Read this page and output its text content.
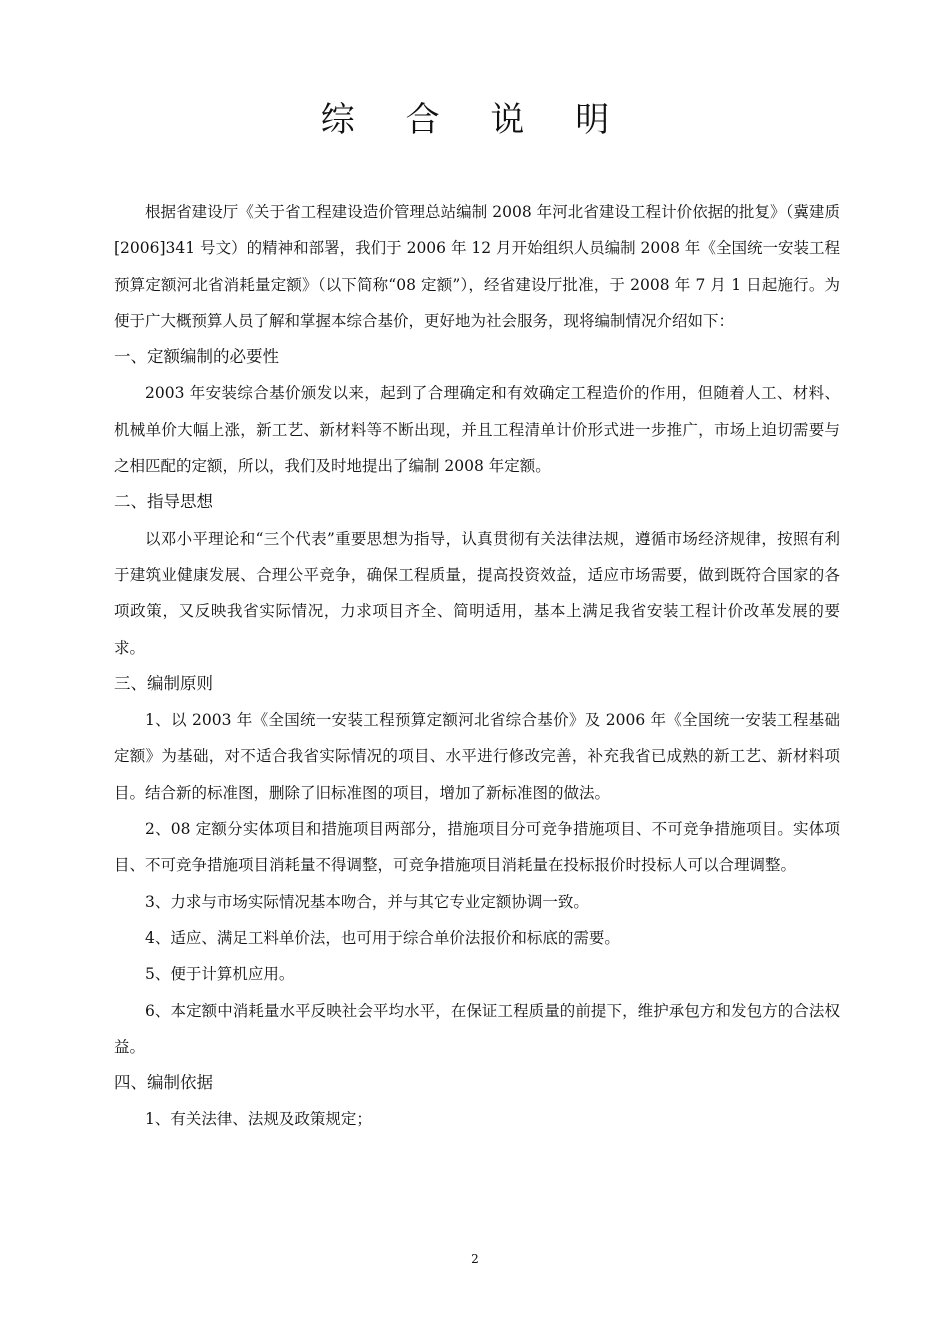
综 合 说 明

根据省建设厅《关于省工程建设造价管理总站编制 2008 年河北省建设工程计价依据的批复》（冀建质[2006]341 号文）的精神和部署，我们于 2006 年 12 月开始组织人员编制 2008 年《全国统一安装工程预算定额河北省消耗量定额》（以下简称“08 定额”），经省建设厅批准，于 2008 年 7 月 1 日起施行。为便于广大概预算人员了解和掌握本综合基价，更好地为社会服务，现将编制情况介绍如下：

一、定额编制的必要性

2003 年安装综合基价颁发以来，起到了合理确定和有效确定工程造价的作用，但随着人工、材料、机械单价大幅上涨，新工艺、新材料等不断出现，并且工程清单计价形式进一步推广，市场上迫切需要与之相匹配的定额，所以，我们及时地提出了编制 2008 年定额。

二、指导思想

以邓小平理论和“三个代表”重要思想为指导，认真贯彻有关法律法规，遵循市场经济规律，按照有利于建筑业健康发展、合理公平竞争，确保工程质量，提高投资效益，适应市场需要，做到既符合国家的各项政策，又反映我省实际情况，力求项目齐全、简明适用，基本上满足我省安装工程计价改革发展的要求。

三、编制原则

1、以 2003 年《全国统一安装工程预算定额河北省综合基价》及 2006 年《全国统一安装工程基础定额》为基础，对不适合我省实际情况的项目、水平进行修改完善，补充我省已成熟的新工艺、新材料项目。结合新的标准图，删除了旧标准图的项目，增加了新标准图的做法。

2、08 定额分实体项目和措施项目两部分，措施项目分可竞争措施项目、不可竞争措施项目。实体项目、不可竞争措施项目消耗量不得调整，可竞争措施项目消耗量在投标报价时投标人可以合理调整。

3、力求与市场实际情况基本吻合，并与其它专业定额协调一致。

4、适应、满足工料单价法，也可用于综合单价法报价和标底的需要。

5、便于计算机应用。

6、本定额中消耗量水平反映社会平均水平，在保证工程质量的前提下，维护承包方和发包方的合法权益。

四、编制依据

1、有关法律、法规及政策规定；

2
